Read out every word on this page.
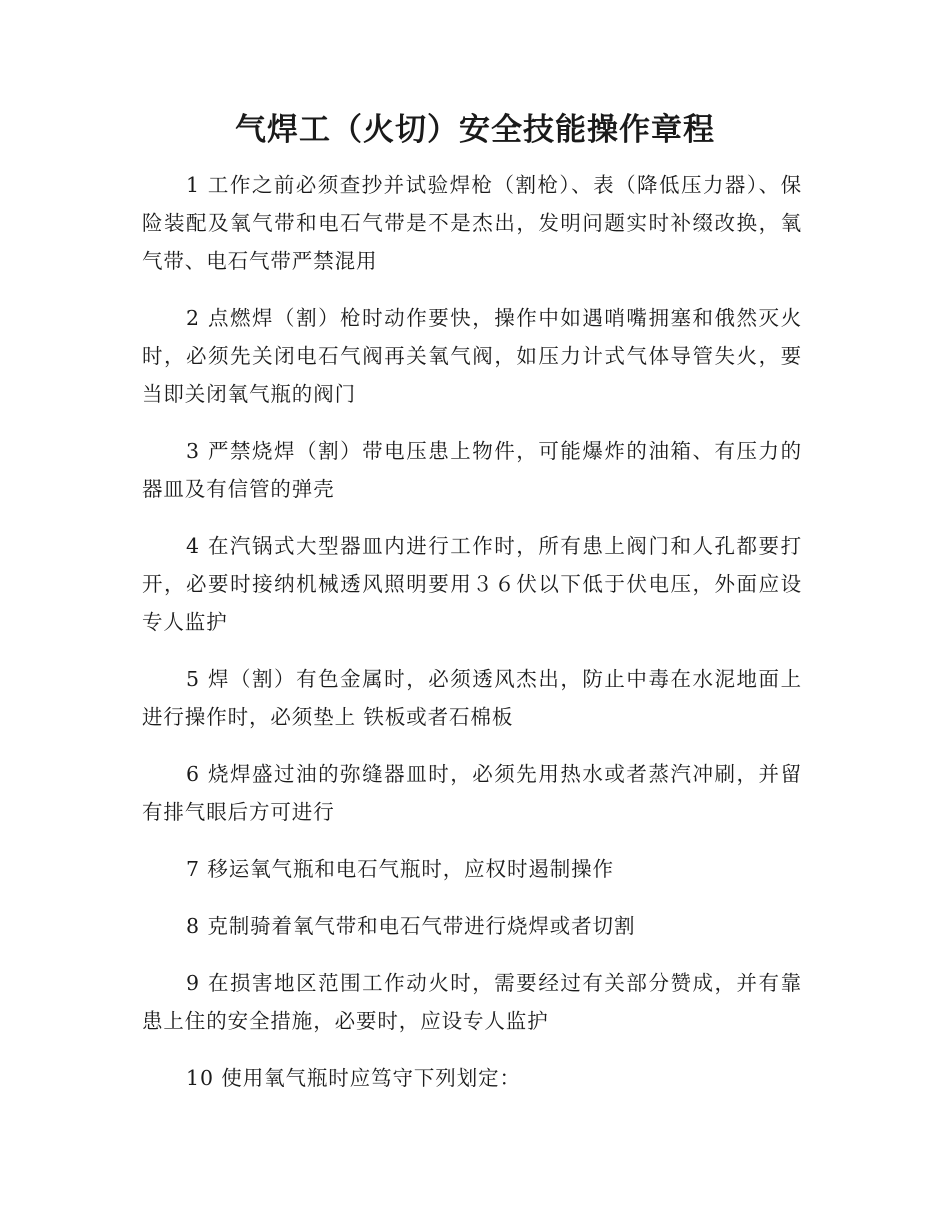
气焊工（火切）安全技能操作章程

1 工作之前必须查抄并试验焊枪（割枪）、表（降低压力器）、保险装配及氧气带和电石气带是不是杰出，发明问题实时补缀改换，氧气带、电石气带严禁混用

2 点燃焊（割）枪时动作要快，操作中如遇哨嘴拥塞和俄然灭火时，必须先关闭电石气阀再关氧气阀，如压力计式气体导管失火，要当即关闭氧气瓶的阀门

3 严禁烧焊（割）带电压患上物件，可能爆炸的油箱、有压力的器皿及有信管的弹壳

4 在汽锅式大型器皿内进行工作时，所有患上阀门和人孔都要打开，必要时接纳机械透风照明要用３６伏以下低于伏电压，外面应设专人监护

5 焊（割）有色金属时，必须透风杰出，防止中毒在水泥地面上进行操作时，必须垫上 铁板或者石棉板

6 烧焊盛过油的弥缝器皿时，必须先用热水或者蒸汽冲刷，并留有排气眼后方可进行

7 移运氧气瓶和电石气瓶时，应权时遏制操作

8 克制骑着氧气带和电石气带进行烧焊或者切割

9 在损害地区范围工作动火时，需要经过有关部分赞成，并有靠患上住的安全措施，必要时，应设专人监护

10 使用氧气瓶时应笃守下列划定：
